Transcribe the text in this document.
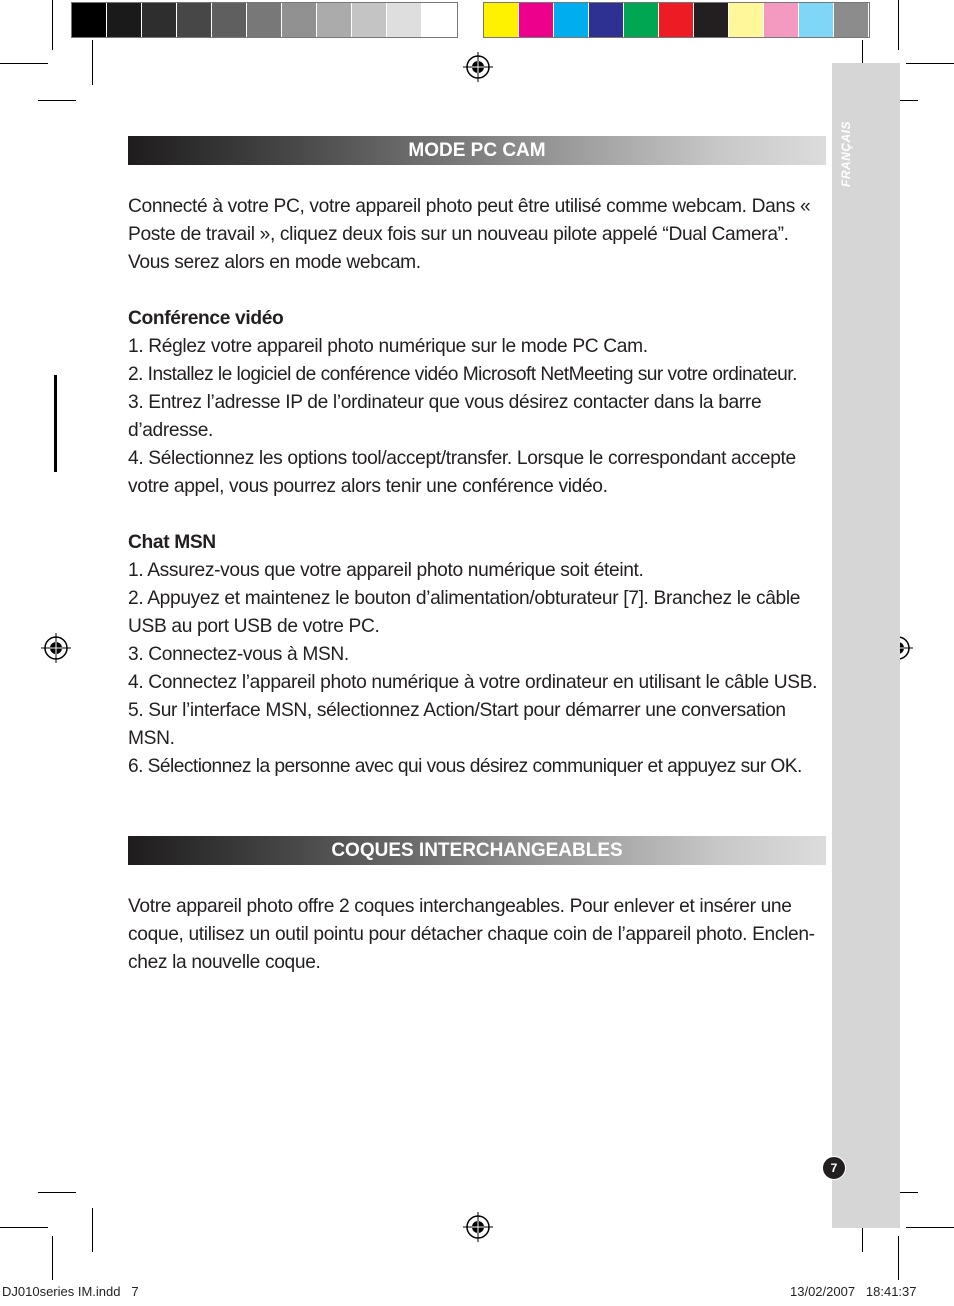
FRANÇAIS
7
MODE PC CAM

Connecté à votre PC, votre appareil photo peut être utilisé comme webcam. Dans « Poste de travail », cliquez deux fois sur un nouveau pilote appelé “Dual Camera”. Vous serez alors en mode webcam.

Conférence vidéo

1. Réglez votre appareil photo numérique sur le mode PC Cam.

2. Installez le logiciel de conférence vidéo Microsoft NetMeeting sur votre ordinateur.

3. Entrez l’adresse IP de l’ordinateur que vous désirez contacter dans la barre d’adresse.

4. Sélectionnez les options tool/accept/transfer. Lorsque le correspondant accepte votre appel, vous pourrez alors tenir une conférence vidéo.

Chat MSN

1. Assurez-vous que votre appareil photo numérique soit éteint.

2. Appuyez et maintenez le bouton d’alimentation/obturateur [7]. Branchez le câble USB au port USB de votre PC.

3. Connectez-vous à MSN.

4. Connectez l’appareil photo numérique à votre ordinateur en utilisant le câble USB.

5. Sur l’interface MSN, sélectionnez Action/Start pour démarrer une conversation MSN.

6. Sélectionnez la personne avec qui vous désirez communiquer et appuyez sur OK.

COQUES INTERCHANGEABLES

Votre appareil photo offre 2 coques interchangeables. Pour enlever et insérer une coque, utilisez un outil pointu pour détacher chaque coin de l’appareil photo. Enclen-chez la nouvelle coque.

DJ010series IM.indd   7	13/02/2007   18:41:37
